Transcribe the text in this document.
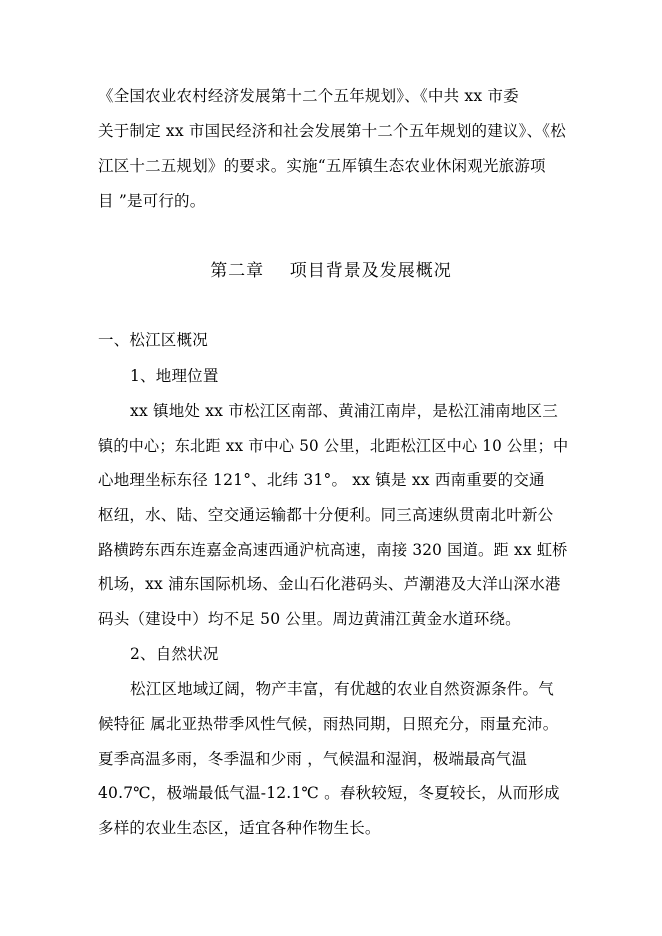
《全国农业农村经济发展第十二个五年规划》、《中共 xx 市委
关于制定 xx 市国民经济和社会发展第十二个五年规划的建议》、《松
江区十二五规划》的要求。实施“五厍镇生态农业休闲观光旅游项
目 ”是可行的。
第二章    项目背景及发展概况
一、松江区概况
1、地理位置
xx 镇地处 xx 市松江区南部、黄浦江南岸，是松江浦南地区三
镇的中心；东北距 xx 市中心 50 公里，北距松江区中心 10 公里；中
心地理坐标东径 121°、北纬 31°。 xx 镇是 xx 西南重要的交通
枢纽，水、陆、空交通运输都十分便利。同三高速纵贯南北叶新公
路横跨东西东连嘉金高速西通沪杭高速，南接 320 国道。距 xx 虹桥
机场，xx 浦东国际机场、金山石化港码头、芦潮港及大洋山深水港
码头（建设中）均不足 50 公里。周边黄浦江黄金水道环绕。
2、自然状况
松江区地域辽阔，物产丰富，有优越的农业自然资源条件。气
候特征 属北亚热带季风性气候，雨热同期，日照充分，雨量充沛。
夏季高温多雨，冬季温和少雨 ，气候温和湿润，极端最高气温
40.7℃，极端最低气温-12.1℃ 。春秋较短，冬夏较长，从而形成
多样的农业生态区，适宜各种作物生长。
